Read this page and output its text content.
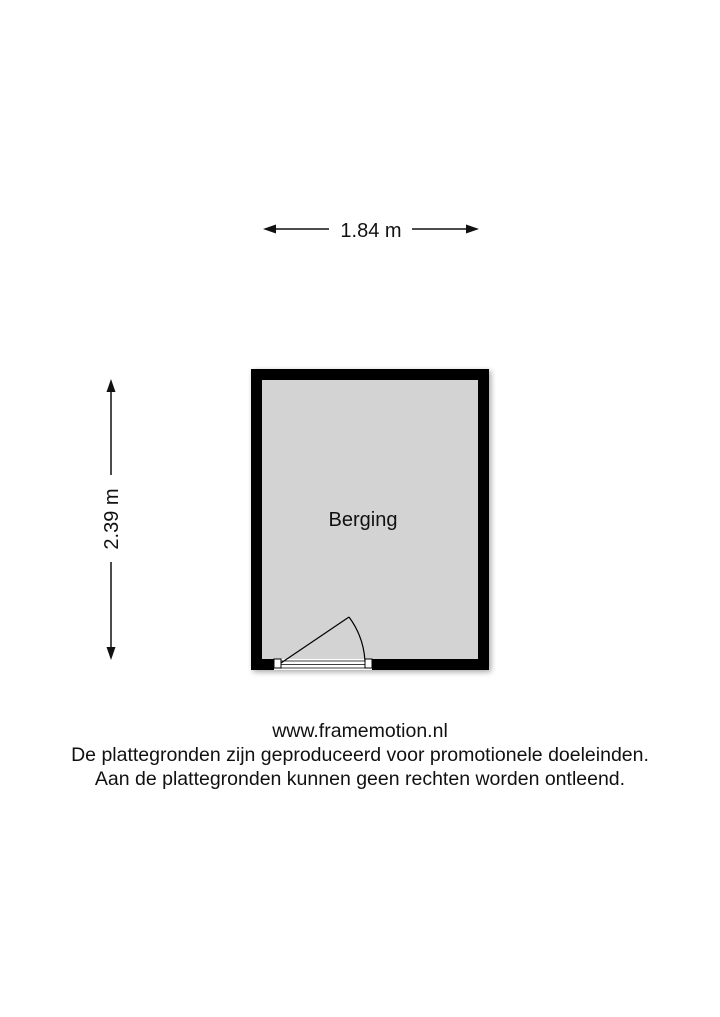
1.84 m
2.39 m	Berging
www.framemotion.nl
De plattegronden zijn geproduceerd voor promotionele doeleinden.
Aan de plattegronden kunnen geen rechten worden ontleend.
